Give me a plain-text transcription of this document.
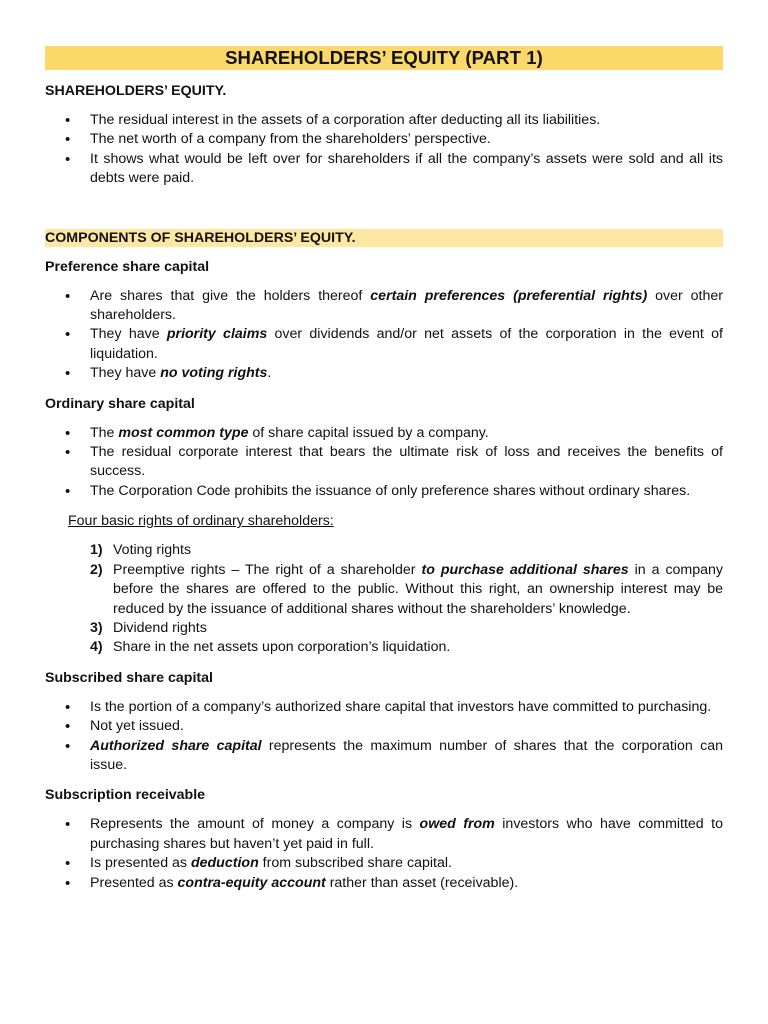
SHAREHOLDERS’ EQUITY (PART 1)
SHAREHOLDERS’ EQUITY.
• The residual interest in the assets of a corporation after deducting all its liabilities.
• The net worth of a company from the shareholders’ perspective.
• It shows what would be left over for shareholders if all the company’s assets were sold and all its debts were paid.
COMPONENTS OF SHAREHOLDERS’ EQUITY.
Preference share capital
• Are shares that give the holders thereof certain preferences (preferential rights) over other shareholders.
• They have priority claims over dividends and/or net assets of the corporation in the event of liquidation.
• They have no voting rights.
Ordinary share capital
• The most common type of share capital issued by a company.
• The residual corporate interest that bears the ultimate risk of loss and receives the benefits of success.
• The Corporation Code prohibits the issuance of only preference shares without ordinary shares.
Four basic rights of ordinary shareholders:
1) Voting rights
2) Preemptive rights – The right of a shareholder to purchase additional shares in a company before the shares are offered to the public. Without this right, an ownership interest may be reduced by the issuance of additional shares without the shareholders’ knowledge.
3) Dividend rights
4) Share in the net assets upon corporation’s liquidation.
Subscribed share capital
• Is the portion of a company’s authorized share capital that investors have committed to purchasing.
• Not yet issued.
• Authorized share capital represents the maximum number of shares that the corporation can issue.
Subscription receivable
• Represents the amount of money a company is owed from investors who have committed to purchasing shares but haven’t yet paid in full.
• Is presented as deduction from subscribed share capital.
• Presented as contra-equity account rather than asset (receivable).
